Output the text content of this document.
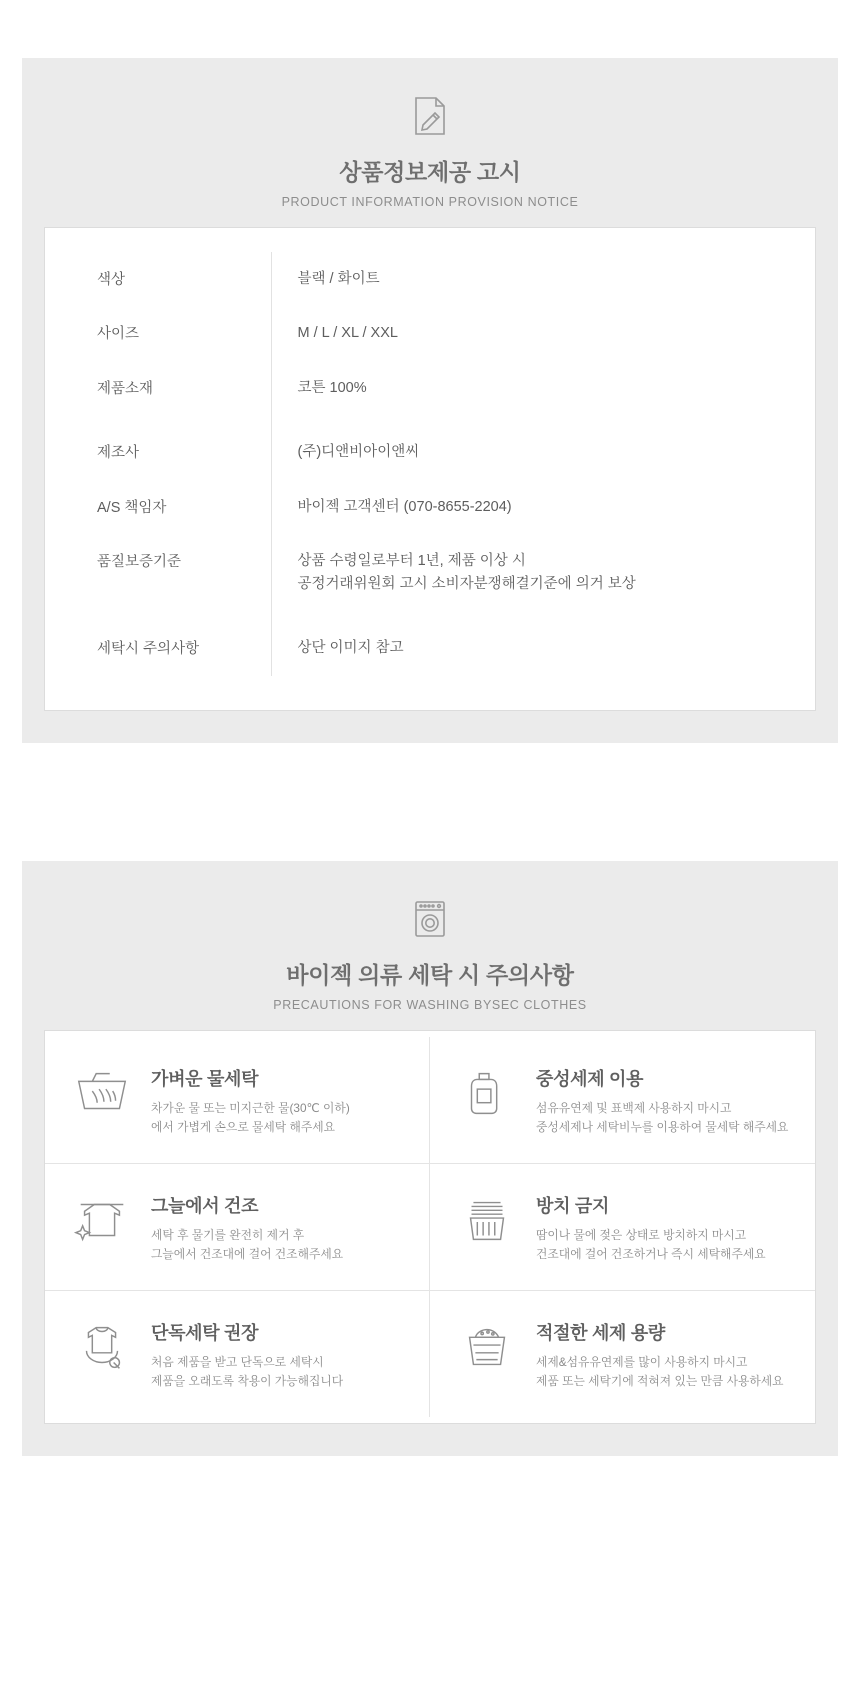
상품정보제공 고시

PRODUCT INFORMATION PROVISION NOTICE

색상	블랙 / 화이트
사이즈	M / L / XL / XXL
제품소재	코튼 100%
제조사	(주)디앤비아이앤씨
A/S 책임자	바이젝 고객센터 (070-8655-2204)
품질보증기준	상품 수령일로부터 1년, 제품 이상 시
공정거래위원회 고시 소비자분쟁해결기준에 의거 보상

세탁시 주의사항	상단 이미지 참고
바이젝 의류 세탁 시 주의사항

PRECAUTIONS FOR WASHING BYSEC CLOTHES

가벼운 물세탁

차가운 물 또는 미지근한 물(30℃ 이하)
에서 가볍게 손으로 물세탁 해주세요

중성세제 이용

섬유유연제 및 표백제 사용하지 마시고
중성세제나 세탁비누를 이용하여 물세탁 해주세요

그늘에서 건조

세탁 후 물기를 완전히 제거 후
그늘에서 건조대에 걸어 건조해주세요

방치 금지

땀이나 물에 젖은 상태로 방치하지 마시고
건조대에 걸어 건조하거나 즉시 세탁해주세요

단독세탁 권장

처음 제품을 받고 단독으로 세탁시
제품을 오래도록 착용이 가능해집니다

적절한 세제 용량

세제&섬유유연제를 많이 사용하지 마시고
제품 또는 세탁기에 적혀져 있는 만큼 사용하세요
